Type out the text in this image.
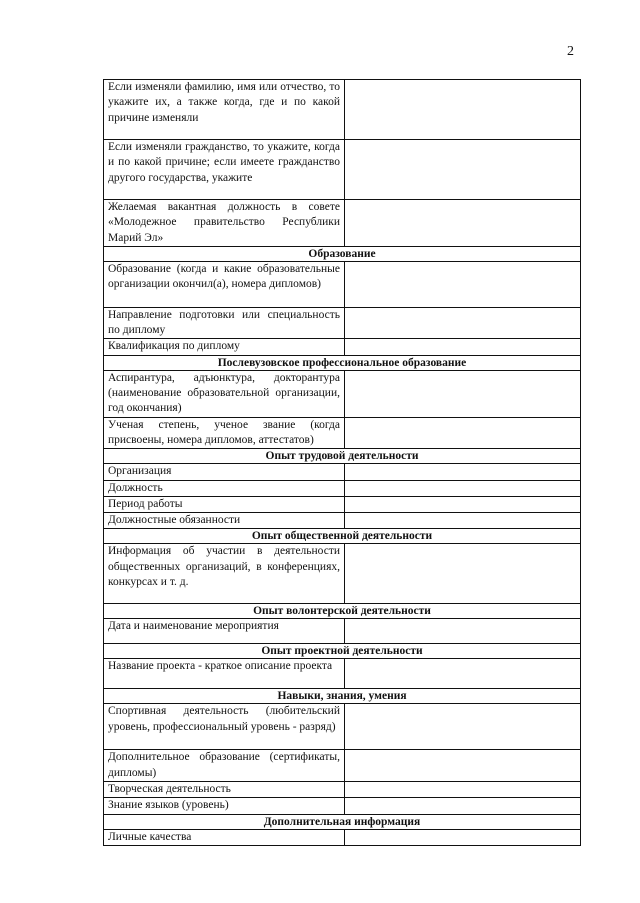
2
Если изменяли фамилию, имя или отчество, то укажите их, а также когда, где и по какой причине изменяли	
Если изменяли гражданство, то укажите, когда и по какой причине; если имеете гражданство другого государства, укажите	
Желаемая вакантная должность в совете «Молодежное правительство Республики Марий Эл»	
Образование	
Образование (когда и какие образовательные организации окончил(а), номера дипломов)	
Направление подготовки или специальность по диплому	
Квалификация по диплому	
Послевузовское профессиональное образование	
Аспирантура, адъюнктура, докторантура (наименование образовательной организации, год окончания)	
Ученая степень, ученое звание (когда присвоены, номера дипломов, аттестатов)	
Опыт трудовой деятельности	
Организация	
Должность	
Период работы	
Должностные обязанности	
Опыт общественной деятельности	
Информация об участии в деятельности общественных организаций, в конференциях, конкурсах и т. д.	
Опыт волонтерской деятельности	
Дата и наименование мероприятия	
Опыт проектной деятельности	
Название проекта - краткое описание проекта	
Навыки, знания, умения	
Спортивная деятельность (любительский уровень, профессиональный уровень - разряд)	
Дополнительное образование (сертификаты, дипломы)	
Творческая деятельность	
Знание языков (уровень)	
Дополнительная информация	
Личные качества	
